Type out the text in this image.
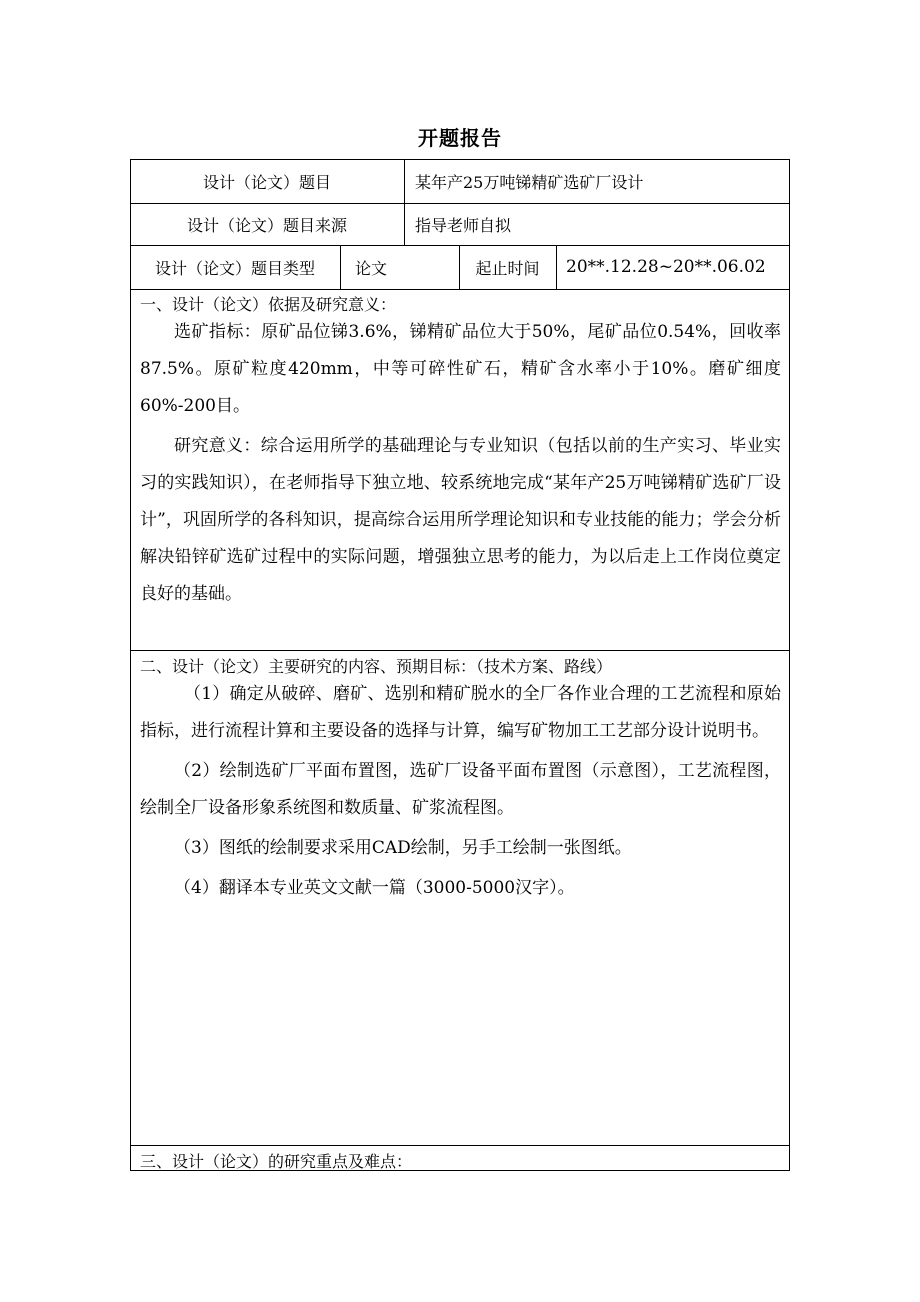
开题报告
设计（论文）题目	某年产25万吨锑精矿选矿厂设计
设计（论文）题目来源	指导老师自拟
设计（论文）题目类型	论文	起止时间	20**.12.28~20**.06.02
一、设计（论文）依据及研究意义：

选矿指标：原矿品位锑3.6%，锑精矿品位大于50%，尾矿品位0.54%，回收率87.5%。原矿粒度420mm，中等可碎性矿石，精矿含水率小于10%。磨矿细度60%-200目。

研究意义：综合运用所学的基础理论与专业知识（包括以前的生产实习、毕业实习的实践知识），在老师指导下独立地、较系统地完成“某年产25万吨锑精矿选矿厂设计”，巩固所学的各科知识，提高综合运用所学理论知识和专业技能的能力；学会分析解决铅锌矿选矿过程中的实际问题，增强独立思考的能力，为以后走上工作岗位奠定良好的基础。

二、设计（论文）主要研究的内容、预期目标：（技术方案、路线）

（1）确定从破碎、磨矿、选别和精矿脱水的全厂各作业合理的工艺流程和原始指标，进行流程计算和主要设备的选择与计算，编写矿物加工工艺部分设计说明书。

（2）绘制选矿厂平面布置图，选矿厂设备平面布置图（示意图），工艺流程图，绘制全厂设备形象系统图和数质量、矿浆流程图。

（3）图纸的绘制要求采用CAD绘制，另手工绘制一张图纸。

（4）翻译本专业英文文献一篇（3000-5000汉字）。

三、设计（论文）的研究重点及难点：
